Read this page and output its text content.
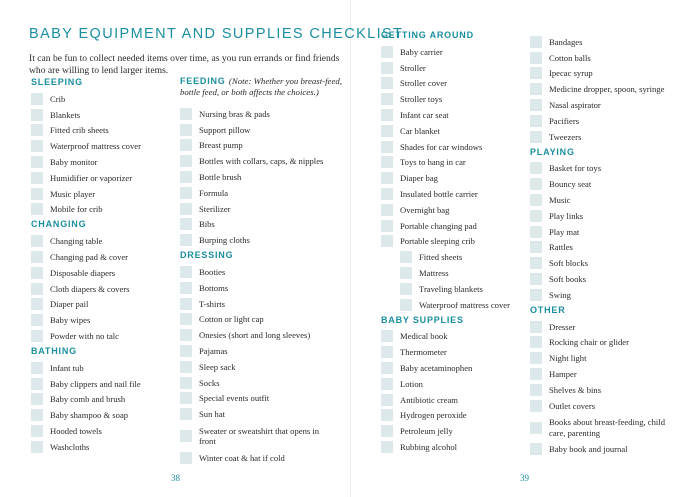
BABY EQUIPMENT AND SUPPLIES CHECKLIST
It can be fun to collect needed items over time, as you run errands or find friends who are willing to lend larger items.
SLEEPING
Crib
Blankets
Fitted crib sheets
Waterproof mattress cover
Baby monitor
Humidifier or vaporizer
Music player
Mobile for crib
CHANGING
Changing table
Changing pad & cover
Disposable diapers
Cloth diapers & covers
Diaper pail
Baby wipes
Powder with no talc
BATHING
Infant tub
Baby clippers and nail file
Baby comb and brush
Baby shampoo & soap
Hooded towels
Washcloths
FEEDING (Note: Whether you breast-feed, bottle feed, or both affects the choices.)
Nursing bras & pads
Support pillow
Breast pump
Bottles with collars, caps, & nipples
Bottle brush
Formula
Sterilizer
Bibs
Burping cloths
DRESSING
Booties
Bottoms
T-shirts
Cotton or light cap
Onesies (short and long sleeves)
Pajamas
Sleep sack
Socks
Special events outfit
Sun hat
Sweater or sweatshirt that opens in front
Winter coat & hat if cold
GETTING AROUND
Baby carrier
Stroller
Stroller cover
Stroller toys
Infant car seat
Car blanket
Shades for car windows
Toys to hang in car
Diaper bag
Insulated bottle carrier
Overnight bag
Portable changing pad
Portable sleeping crib
Fitted sheets
Mattress
Traveling blankets
Waterproof mattress cover
BABY SUPPLIES
Medical book
Thermometer
Baby acetaminophen
Lotion
Antibiotic cream
Hydrogen peroxide
Petroleum jelly
Rubbing alcohol
Bandages
Cotton balls
Ipecac syrup
Medicine dropper, spoon, syringe
Nasal aspirator
Pacifiers
Tweezers
PLAYING
Basket for toys
Bouncy seat
Music
Play links
Play mat
Rattles
Soft blocks
Soft books
Swing
OTHER
Dresser
Rocking chair or glider
Night light
Hamper
Shelves & bins
Outlet covers
Books about breast-feeding, child care, parenting
Baby book and journal
38	39
